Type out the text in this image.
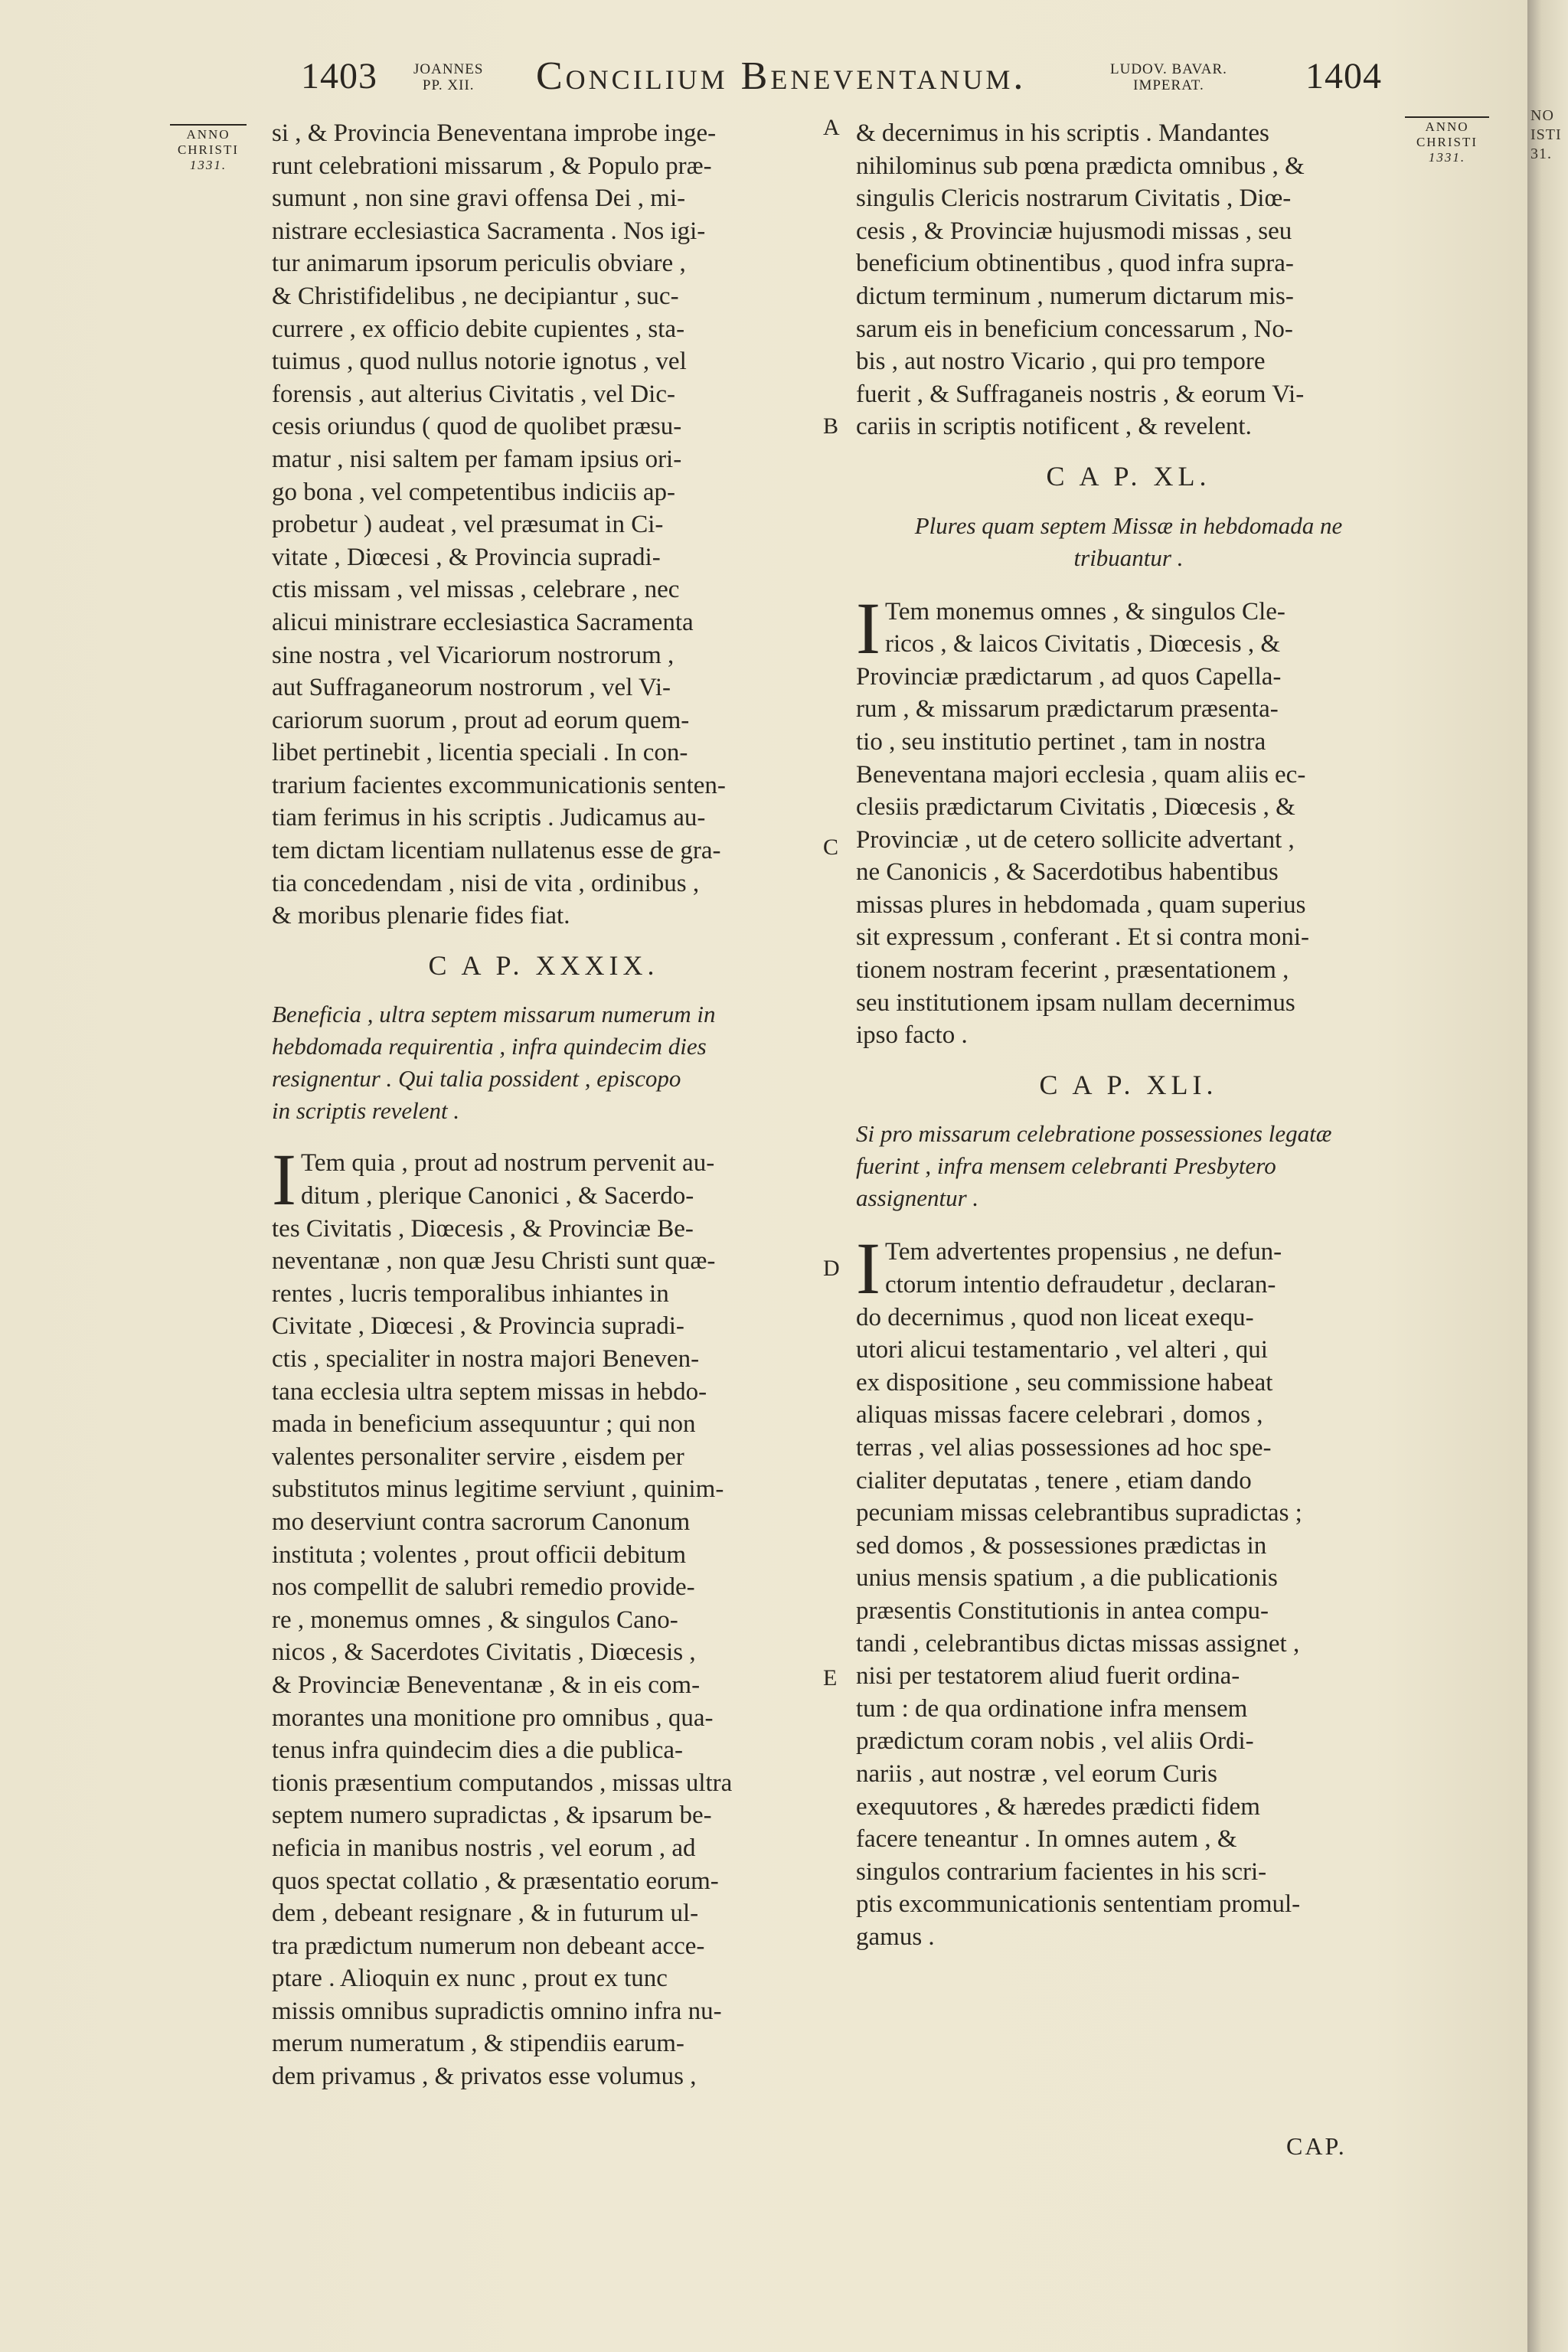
1403 JOANNES
PP. XII. Concilium Beneventanum.	LUDOV. BAVAR.
IMPERAT.	1404
ANNO
CHRISTI
1331.
ANNO
CHRISTI
1331.
A
B
C
D
E
si , & Provincia Beneventana improbe inge-
runt celebrationi missarum , & Populo præ-
sumunt , non sine gravi offensa Dei , mi-
nistrare ecclesiastica Sacramenta . Nos igi-
tur animarum ipsorum periculis obviare ,
& Christifidelibus , ne decipiantur , suc-
currere , ex officio debite cupientes , sta-
tuimus , quod nullus notorie ignotus , vel
forensis , aut alterius Civitatis , vel Dic-
cesis oriundus ( quod de quolibet præsu-
matur , nisi saltem per famam ipsius ori-
go bona , vel competentibus indiciis ap-
probetur ) audeat , vel præsumat in Ci-
vitate , Diœcesi , & Provincia supradi-
ctis missam , vel missas , celebrare , nec
alicui ministrare ecclesiastica Sacramenta
sine nostra , vel Vicariorum nostrorum ,
aut Suffraganeorum nostrorum , vel Vi-
cariorum suorum , prout ad eorum quem-
libet pertinebit , licentia speciali . In con-
trarium facientes excommunicationis senten-
tiam ferimus in his scriptis . Judicamus au-
tem dictam licentiam nullatenus esse de gra-
tia concedendam , nisi de vita , ordinibus ,
& moribus plenarie fides fiat.
C A P. XXXIX.
Beneficia , ultra septem missarum numerum in
hebdomada requirentia , infra quindecim dies
resignentur . Qui talia possident , episcopo
in scriptis revelent .
I Tem quia , prout ad nostrum pervenit au-
ditum , plerique Canonici , & Sacerdo-
tes Civitatis , Diœcesis , & Provinciæ Be-
neventanæ , non quæ Jesu Christi sunt quæ-
rentes , lucris temporalibus inhiantes in
Civitate , Diœcesi , & Provincia supradi-
ctis , specialiter in nostra majori Beneven-
tana ecclesia ultra septem missas in hebdo-
mada in beneficium assequuntur ; qui non
valentes personaliter servire , eisdem per
substitutos minus legitime serviunt , quinim-
mo deserviunt contra sacrorum Canonum
instituta ; volentes , prout officii debitum
nos compellit de salubri remedio provide-
re , monemus omnes , & singulos Cano-
nicos , & Sacerdotes Civitatis , Diœcesis ,
& Provinciæ Beneventanæ , & in eis com-
morantes una monitione pro omnibus , qua-
tenus infra quindecim dies a die publica-
tionis præsentium computandos , missas ultra
septem numero supradictas , & ipsarum be-
neficia in manibus nostris , vel eorum , ad
quos spectat collatio , & præsentatio eorum-
dem , debeant resignare , & in futurum ul-
tra prædictum numerum non debeant acce-
ptare . Alioquin ex nunc , prout ex tunc
missis omnibus supradictis omnino infra nu-
merum numeratum , & stipendiis earum-
dem privamus , & privatos esse volumus ,
& decernimus in his scriptis . Mandantes
nihilominus sub pœna prædicta omnibus , &
singulis Clericis nostrarum Civitatis , Diœ-
cesis , & Provinciæ hujusmodi missas , seu
beneficium obtinentibus , quod infra supra-
dictum terminum , numerum dictarum mis-
sarum eis in beneficium concessarum , No-
bis , aut nostro Vicario , qui pro tempore
fuerit , & Suffraganeis nostris , & eorum Vi-
cariis in scriptis notificent , & revelent.
C A P. XL.
Plures quam septem Missæ in hebdomada ne
tribuantur .
I Tem monemus omnes , & singulos Cle-
ricos , & laicos Civitatis , Diœcesis , &
Provinciæ prædictarum , ad quos Capella-
rum , & missarum prædictarum præsenta-
tio , seu institutio pertinet , tam in nostra
Beneventana majori ecclesia , quam aliis ec-
clesiis prædictarum Civitatis , Diœcesis , &
Provinciæ , ut de cetero sollicite advertant ,
ne Canonicis , & Sacerdotibus habentibus
missas plures in hebdomada , quam superius
sit expressum , conferant . Et si contra moni-
tionem nostram fecerint , præsentationem ,
seu institutionem ipsam nullam decernimus
ipso facto .
C A P. XLI.
Si pro missarum celebratione possessiones legatæ
fuerint , infra mensem celebranti Presbytero
assignentur .
I Tem advertentes propensius , ne defun-
ctorum intentio defraudetur , declaran-
do decernimus , quod non liceat exequ-
utori alicui testamentario , vel alteri , qui
ex dispositione , seu commissione habeat
aliquas missas facere celebrari , domos ,
terras , vel alias possessiones ad hoc spe-
cialiter deputatas , tenere , etiam dando
pecuniam missas celebrantibus supradictas ;
sed domos , & possessiones prædictas in
unius mensis spatium , a die publicationis
præsentis Constitutionis in antea compu-
tandi , celebrantibus dictas missas assignet ,
nisi per testatorem aliud fuerit ordina-
tum : de qua ordinatione infra mensem
prædictum coram nobis , vel aliis Ordi-
nariis , aut nostræ , vel eorum Curis
exequutores , & hæredes prædicti fidem
facere teneantur . In omnes autem , &
singulos contrarium facientes in his scri-
ptis excommunicationis sententiam promul-
gamus .
CAP.
NO
ISTI
31.
